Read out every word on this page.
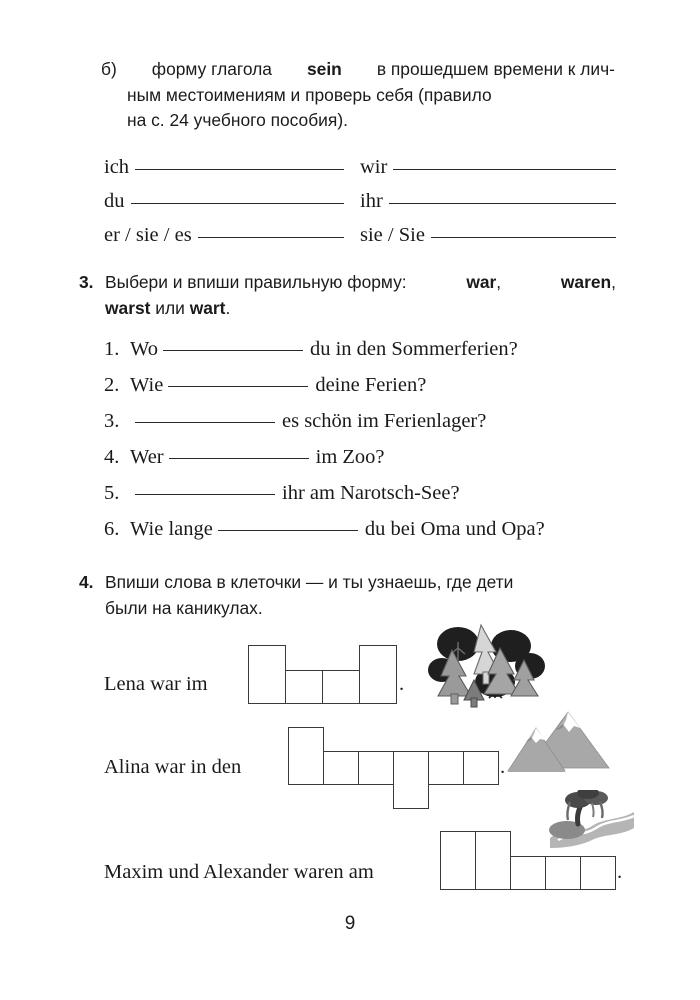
б) форму глагола sein в прошедшем времени к лич-
ным местоимениям и проверь себя (правило
на с. 24 учебного пособия).
ich	wir
du	ihr
er / sie / es	sie / Sie
3. Выбери и впиши правильную форму:	war,	waren,
warst или wart.
1. Wo	du in den Sommerferien?
2. Wie	deine Ferien?
3.	es schön im Ferienlager?
4. Wer	im Zoo?
5.	ihr am Narotsch-See?
6. Wie lange	du bei Oma und Opa?
4. Впиши слова в клеточки — и ты узнаешь, где дети
были на каникулах.
Lena war im	.
Alina war in den	.
Maxim und Alexander waren am	.
9
